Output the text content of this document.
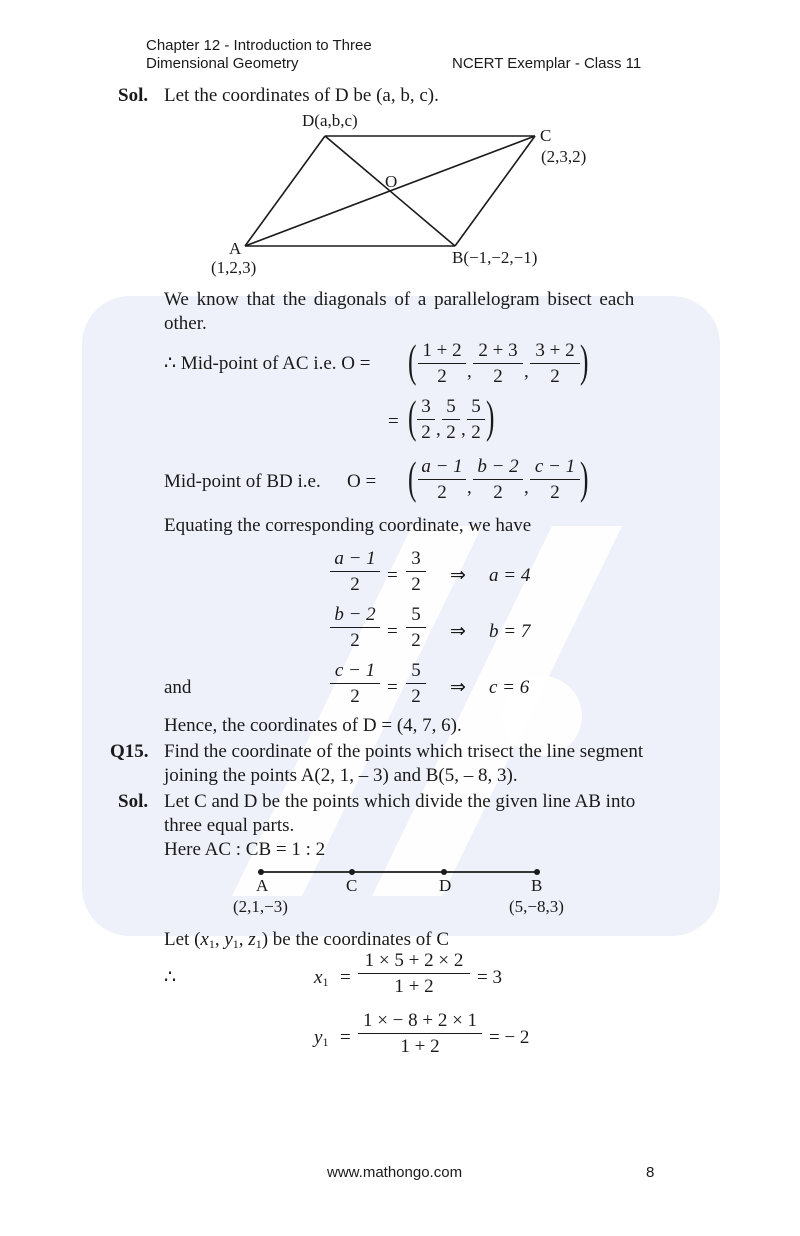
Chapter 12 - Introduction to Three
Dimensional Geometry	NCERT Exemplar - Class 11
Sol. Let the coordinates of D be (a, b, c).
D(a,b,c)
C
(2,3,2)
O
A
(1,2,3)
B(−1,−2,−1)
We know that the diagonals of a parallelogram bisect each
other.
∴ Mid-point of AC i.e. O = ( $\frac{1 + 2}{2}$ , $\frac{2 + 3}{2}$ , $\frac{3 + 2}{2}$ )
= ( $\frac{3}{2}$ , $\frac{5}{2}$ , $\frac{5}{2}$ )
Mid-point of BD i.e. O = ( $\frac{a - 1}{2}$ , $\frac{b - 2}{2}$ , $\frac{c - 1}{2}$ )
Equating the corresponding coordinate, we have
$\frac{a - 1}{2} = \frac{3}{2}$ ⇒ a = 4
$\frac{b - 2}{2} = \frac{5}{2}$ ⇒ b = 7
and	$\frac{c - 1}{2} = \frac{5}{2}$ ⇒ c = 6
Hence, the coordinates of D = (4, 7, 6).
Q15. Find the coordinate of the points which trisect the line segment
joining the points A(2, 1, – 3) and B(5, – 8, 3).
Sol. Let C and D be the points which divide the given line AB into
three equal parts.
Here AC : CB = 1 : 2
A	C	D	B
(2,1,−3)	(5,−8,3)
Let ($x_1$, $y_1$, $z_1$) be the coordinates of C
∴	$x_1 = \frac{1 \times 5 + 2 \times 2}{1 + 2} = 3$
$y_1 = \frac{1 \times - 8 + 2 \times 1}{1 + 2}$ = − 2
www.mathongo.com	8
